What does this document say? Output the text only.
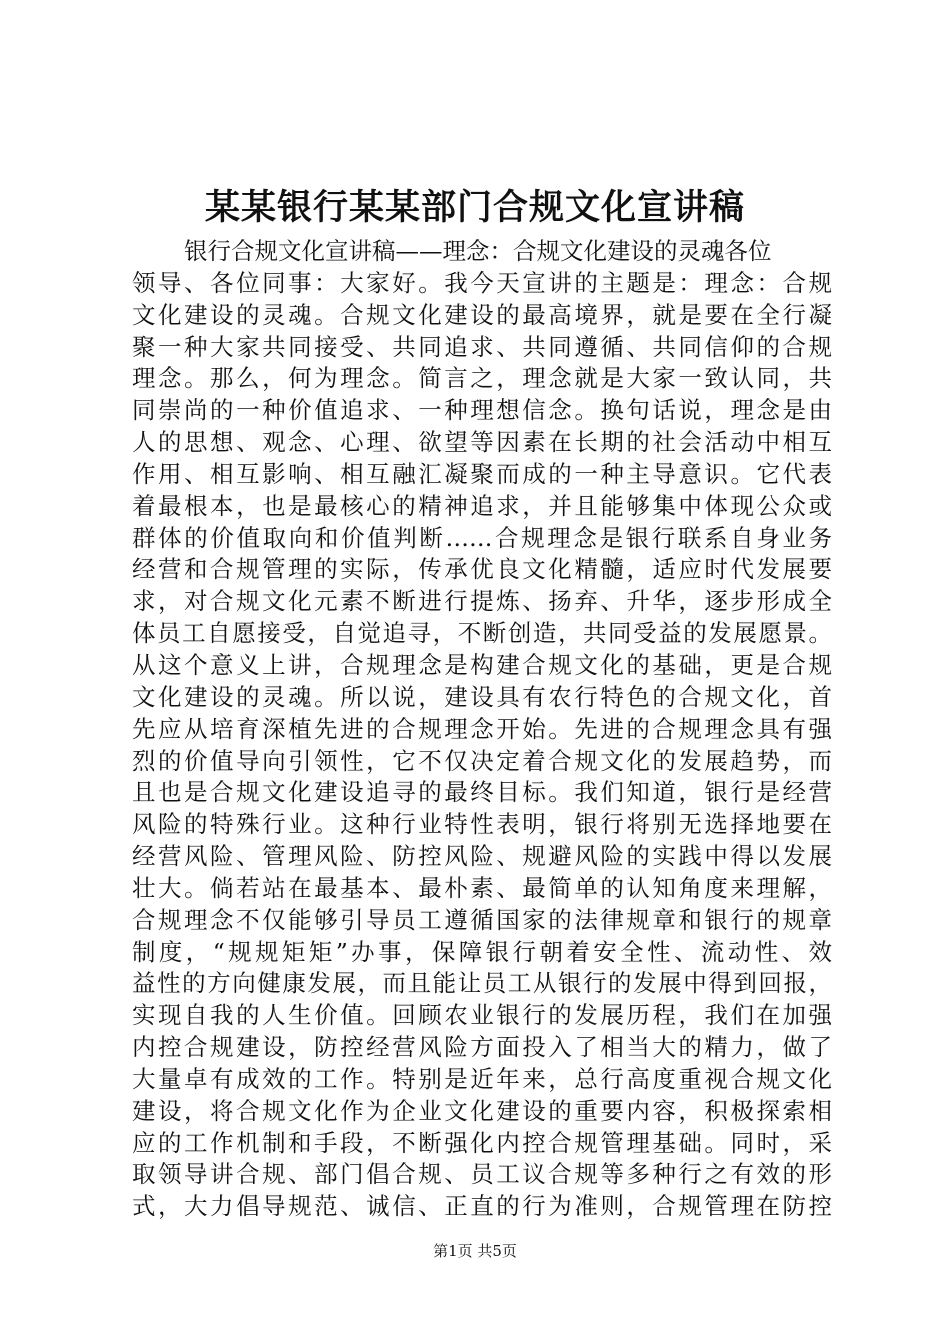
某某银行某某部门合规文化宣讲稿
银行合规文化宣讲稿——理念：合规文化建设的灵魂各位
领导、各位同事：大家好。我今天宣讲的主题是：理念：合规
文化建设的灵魂。合规文化建设的最高境界，就是要在全行凝
聚一种大家共同接受、共同追求、共同遵循、共同信仰的合规
理念。那么，何为理念。简言之，理念就是大家一致认同，共
同崇尚的一种价值追求、一种理想信念。换句话说，理念是由
人的思想、观念、心理、欲望等因素在长期的社会活动中相互
作用、相互影响、相互融汇凝聚而成的一种主导意识。它代表
着最根本，也是最核心的精神追求，并且能够集中体现公众或
群体的价值取向和价值判断……合规理念是银行联系自身业务
经营和合规管理的实际，传承优良文化精髓，适应时代发展要
求，对合规文化元素不断进行提炼、扬弃、升华，逐步形成全
体员工自愿接受，自觉追寻，不断创造，共同受益的发展愿景。
从这个意义上讲，合规理念是构建合规文化的基础，更是合规
文化建设的灵魂。所以说，建设具有农行特色的合规文化，首
先应从培育深植先进的合规理念开始。先进的合规理念具有强
烈的价值导向引领性，它不仅决定着合规文化的发展趋势，而
且也是合规文化建设追寻的最终目标。我们知道，银行是经营
风险的特殊行业。这种行业特性表明，银行将别无选择地要在
经营风险、管理风险、防控风险、规避风险的实践中得以发展
壮大。倘若站在最基本、最朴素、最简单的认知角度来理解，
合规理念不仅能够引导员工遵循国家的法律规章和银行的规章
制度，“规规矩矩”办事，保障银行朝着安全性、流动性、效
益性的方向健康发展，而且能让员工从银行的发展中得到回报，
实现自我的人生价值。回顾农业银行的发展历程，我们在加强
内控合规建设，防控经营风险方面投入了相当大的精力，做了
大量卓有成效的工作。特别是近年来，总行高度重视合规文化
建设，将合规文化作为企业文化建设的重要内容，积极探索相
应的工作机制和手段，不断强化内控合规管理基础。同时，采
取领导讲合规、部门倡合规、员工议合规等多种行之有效的形
式，大力倡导规范、诚信、正直的行为准则，合规管理在防控
第1页 共5页
